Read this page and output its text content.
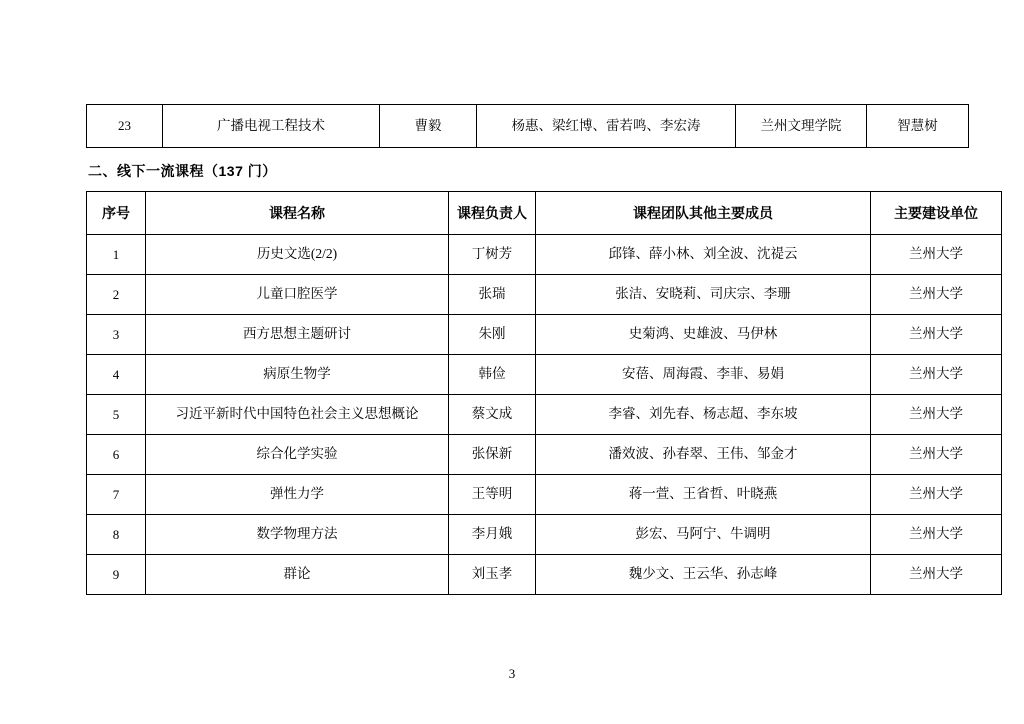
23	广播电视工程技术	曹毅	杨惠、梁红博、雷若鸣、李宏涛	兰州文理学院	智慧树
二、线下一流课程（137 门）
序号	课程名称	课程负责人	课程团队其他主要成员	主要建设单位
1	历史文选(2/2)	丁树芳	邱锋、薛小林、刘全波、沈禔云	兰州大学
2	儿童口腔医学	张瑞	张洁、安晓莉、司庆宗、李珊	兰州大学
3	西方思想主题研讨	朱刚	史菊鸿、史雄波、马伊林	兰州大学
4	病原生物学	韩俭	安蓓、周海霞、李菲、易娟	兰州大学
5	习近平新时代中国特色社会主义思想概论	蔡文成	李睿、刘先春、杨志超、李东坡	兰州大学
6	综合化学实验	张保新	潘效波、孙春翠、王伟、邹金才	兰州大学
7	弹性力学	王等明	蒋一萱、王省哲、叶晓燕	兰州大学
8	数学物理方法	李月娥	彭宏、马阿宁、牛调明	兰州大学
9	群论	刘玉孝	魏少文、王云华、孙志峰	兰州大学
3
